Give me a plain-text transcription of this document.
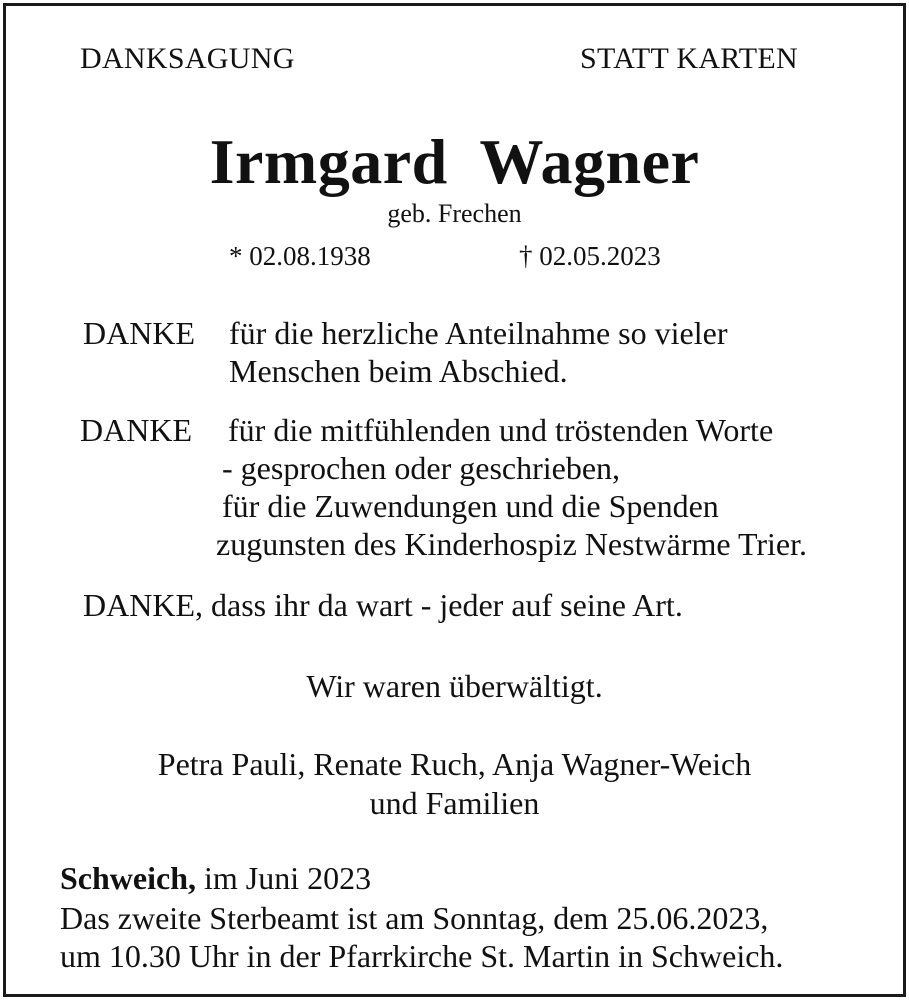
DANKSAGUNG	STATT KARTEN
Irmgard  Wagner
geb. Frechen
* 02.08.1938	† 02.05.2023
DANKE für die herzliche Anteilnahme so vieler
Menschen beim Abschied.
DANKE für die mitfühlenden und tröstenden Worte
- gesprochen oder geschrieben,
für die Zuwendungen und die Spenden
zugunsten des Kinderhospiz Nestwärme Trier.
DANKE, dass ihr da wart - jeder auf seine Art.
Wir waren überwältigt.
Petra Pauli, Renate Ruch, Anja Wagner-Weich
und Familien
Schweich, im Juni 2023
Das zweite Sterbeamt ist am Sonntag, dem 25.06.2023,
um 10.30 Uhr in der Pfarrkirche St. Martin in Schweich.
